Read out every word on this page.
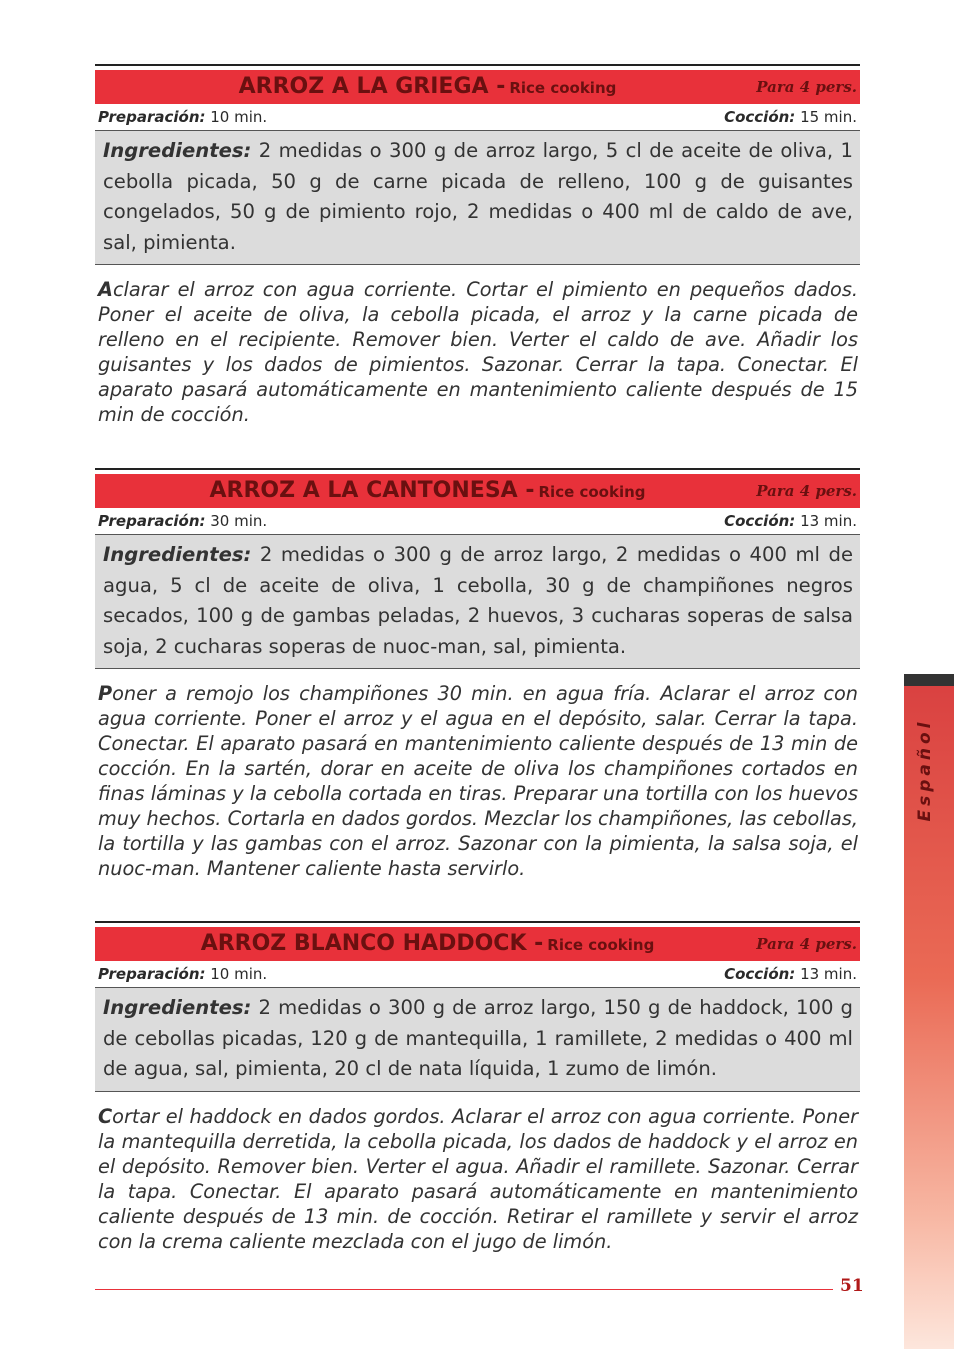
ARROZ A LA GRIEGA - Rice cooking	Para 4 pers.
Preparación: 10 min.	Cocción: 15 min.
Ingredientes: 2 medidas o 300 g de arroz largo, 5 cl de aceite de oliva, 1 cebolla picada, 50 g de carne picada de relleno, 100 g de guisantes congelados, 50 g de pimiento rojo, 2 medidas o 400 ml de caldo de ave, sal, pimienta.
Aclarar el arroz con agua corriente. Cortar el pimiento en pequeños dados. Poner el aceite de oliva, la cebolla picada, el arroz y la carne picada de relleno en el recipiente. Remover bien. Verter el caldo de ave. Añadir los guisantes y los dados de pimientos. Sazonar. Cerrar la tapa. Conectar. El aparato pasará automáticamente en mantenimiento caliente después de 15 min de cocción.
ARROZ A LA CANTONESA - Rice cooking	Para 4 pers.
Preparación: 30 min.	Cocción: 13 min.
Ingredientes: 2 medidas o 300 g de arroz largo, 2 medidas o 400 ml de agua, 5 cl de aceite de oliva, 1 cebolla, 30 g de champiñones negros secados, 100 g de gambas peladas, 2 huevos, 3 cucharas soperas de salsa soja, 2 cucharas soperas de nuoc-man, sal, pimienta.
Poner a remojo los champiñones 30 min. en agua fría. Aclarar el arroz con agua corriente. Poner el arroz y el agua en el depósito, salar. Cerrar la tapa. Conectar. El aparato pasará en mantenimiento caliente después de 13 min de cocción. En la sartén, dorar en aceite de oliva los champiñones cortados en finas láminas y la cebolla cortada en tiras. Preparar una tortilla con los huevos muy hechos. Cortarla en dados gordos. Mezclar los champiñones, las cebollas, la tortilla y las gambas con el arroz. Sazonar con la pimienta, la salsa soja, el nuoc-man. Mantener caliente hasta servirlo.
ARROZ BLANCO HADDOCK - Rice cooking	Para 4 pers.
Preparación: 10 min.	Cocción: 13 min.
Ingredientes: 2 medidas o 300 g de arroz largo, 150 g de haddock, 100 g de cebollas picadas, 120 g de mantequilla, 1 ramillete, 2 medidas o 400 ml de agua, sal, pimienta, 20 cl de nata líquida, 1 zumo de limón.
Cortar el haddock en dados gordos. Aclarar el arroz con agua corriente. Poner la mantequilla derretida, la cebolla picada, los dados de haddock y el arroz en el depósito. Remover bien. Verter el agua. Añadir el ramillete. Sazonar. Cerrar la tapa. Conectar. El aparato pasará automáticamente en mantenimiento caliente después de 13 min. de cocción. Retirar el ramillete y servir el arroz con la crema caliente mezclada con el jugo de limón.
Español
51
